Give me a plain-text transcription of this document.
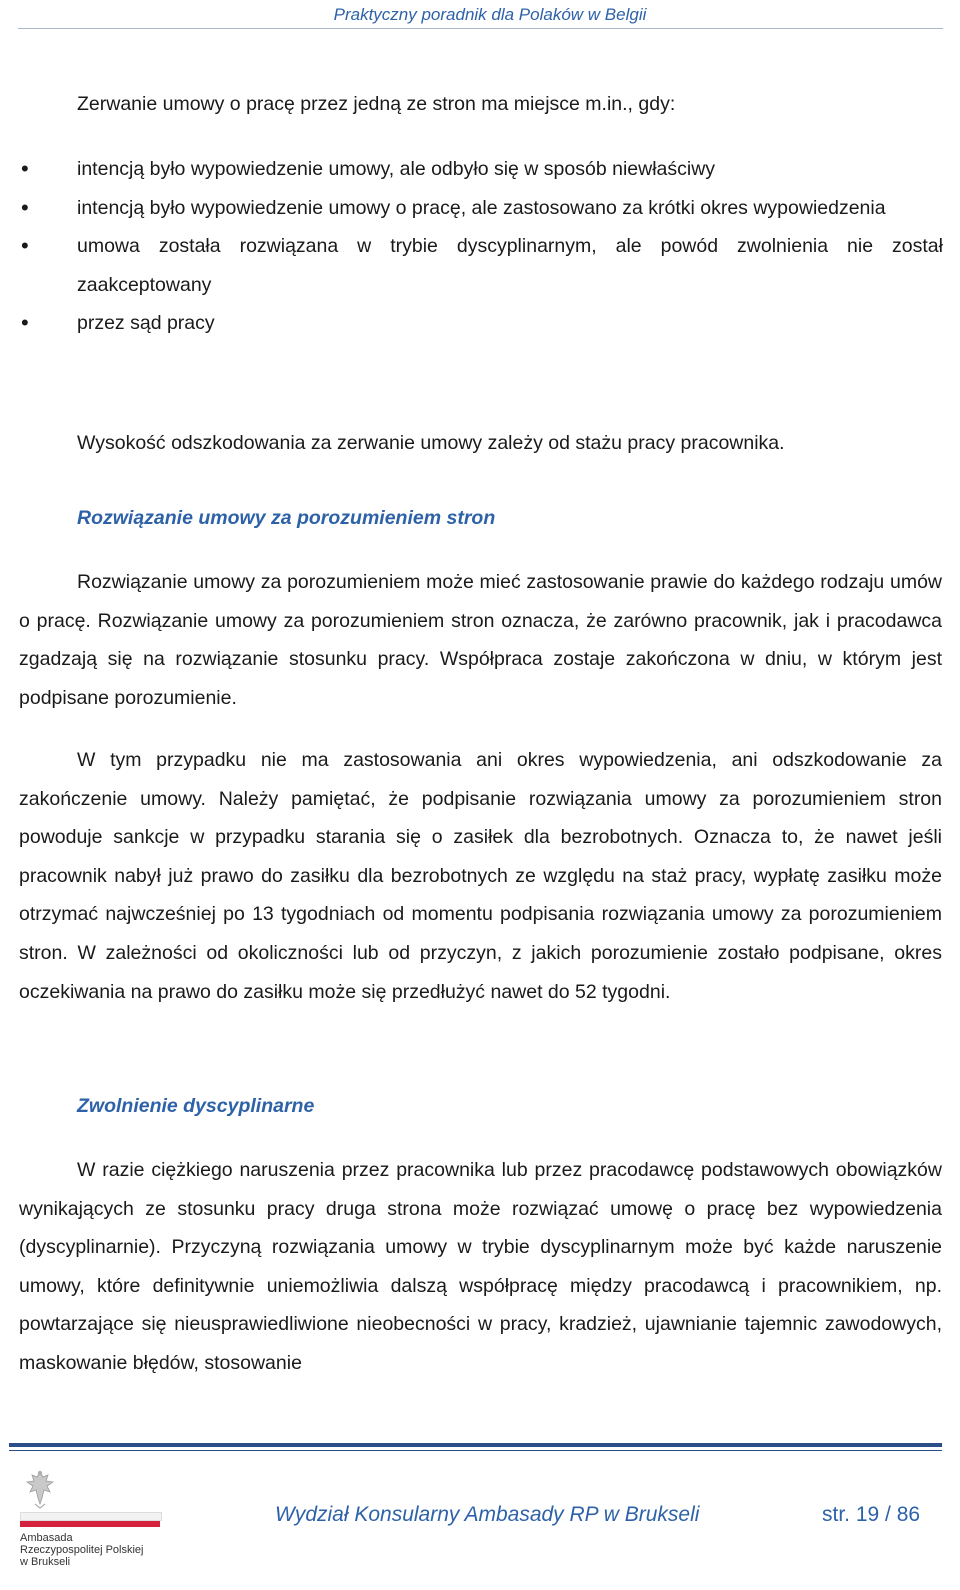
Praktyczny poradnik dla Polaków w Belgii
Zerwanie umowy o pracę przez jedną ze stron ma miejsce m.in., gdy:
• intencją było wypowiedzenie umowy, ale odbyło się w sposób niewłaściwy
• intencją było wypowiedzenie umowy o pracę, ale zastosowano za krótki okres wypowiedzenia
• umowa została rozwiązana w trybie dyscyplinarnym, ale powód zwolnienia nie został zaakceptowany
• przez sąd pracy
Wysokość odszkodowania za zerwanie umowy zależy od stażu pracy pracownika.
Rozwiązanie umowy za porozumieniem stron
Rozwiązanie umowy za porozumieniem może mieć zastosowanie prawie do każdego rodzaju umów o pracę. Rozwiązanie umowy za porozumieniem stron oznacza, że zarówno pracownik, jak i pracodawca zgadzają się na rozwiązanie stosunku pracy. Współpraca zostaje zakończona w dniu, w którym jest podpisane porozumienie.
W tym przypadku nie ma zastosowania ani okres wypowiedzenia, ani odszkodowanie za zakończenie umowy. Należy pamiętać, że podpisanie rozwiązania umowy za porozumieniem stron powoduje sankcje w przypadku starania się o zasiłek dla bezrobotnych. Oznacza to, że nawet jeśli pracownik nabył już prawo do zasiłku dla bezrobotnych ze względu na staż pracy, wypłatę zasiłku może otrzymać najwcześniej po 13 tygodniach od momentu podpisania rozwiązania umowy za porozumieniem stron. W zależności od okoliczności lub od przyczyn, z jakich porozumienie zostało podpisane, okres oczekiwania na prawo do zasiłku może się przedłużyć nawet do 52 tygodni.
Zwolnienie dyscyplinarne
W razie ciężkiego naruszenia przez pracownika lub przez pracodawcę podstawowych obowiązków wynikających ze stosunku pracy druga strona może rozwiązać umowę o pracę bez wypowiedzenia (dyscyplinarnie). Przyczyną rozwiązania umowy w trybie dyscyplinarnym może być każde naruszenie umowy, które definitywnie uniemożliwia dalszą współpracę między pracodawcą i pracownikiem, np. powtarzające się nieusprawiedliwione nieobecności w pracy, kradzież, ujawnianie tajemnic zawodowych, maskowanie błędów, stosowanie
Ambasada
Rzeczypospolitej Polskiej
w Brukseli
Wydział Konsularny Ambasady RP w Brukseli	str. 19 / 86
